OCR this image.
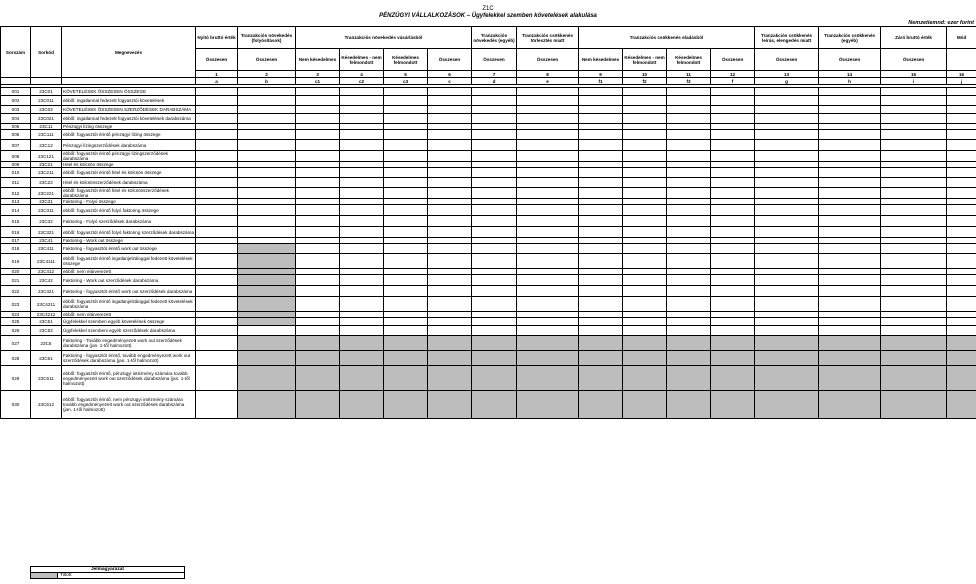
Z1C
PÉNZÜGYI VÁLLALKOZÁSOK – Ügyfelekkel szemben követelések alakulása
Nemzetiemnd: ezer forint
Sorszám	Sorkód	Megnevezés	Nyitó bruttó érték	Tranzakciós növekedés (folyósítások)	Tranzakciós növekedés vásárlásból				Tranzakciós növekedés (egyéb)	Tranzakciós csökkenés törlesztés miatt	Tranzakciós csökkenés eladásból				Tranzakciós csökkenés leírás, elengedés miatt	Tranzakciós csökkenés (egyéb)	Záró bruttó érték	Mód
			Összesen	Összesen	Nem késedelmes	Késedelmes - nem felmondott	Késedelmes felmondott	Összesen	Összesen	Összesen	Nem késedelmes	Késedelmes - nem felmondott	Késedelmes felmondott	Összesen	Összesen	Összesen	Összesen	
			1	2	3	4	5	6	7	8	9	10	11	12	13	14	15	16
			a	b	c1	c2	c3	c	d	e	f1	f2	f3	f	g	h	i	j

001	23C01	KÖVETELÉSEK ÖSSZESEN ÖSSZEGE																
002	23C011	ebből: ingatlannal fedezett fogyasztói követelések																
003	23C02	KÖVETELÉSEK ÖSSZESEN SZERZŐDÉSEK DARABSZÁMA																
004	23C021	ebből: ingatlannal fedezett fogyasztói követelések darabszáma																
005	23C11	Pénzügyi lízing összege																
006	23C111	ebből: fogyasztót érintő pénzügyi lízing összege																
007	23C12	Pénzügyi lízingszerződések darabszáma																
008	23C121	ebből: fogyasztót érintő pénzügyi lízingszerződések darabszáma																
009	23C21	Hitel és kölcsön összege																
010	23C211	ebből: fogyasztót érintő hitel és kölcsön összege																
011	23C22	Hitel és kölcsönszerződések darabszáma																
012	23C221	ebből: fogyasztót érintő hitel és kölcsönszerződések darabszáma																
013	23C31	Faktoring - Folyó összege																
014	23C311	ebből: fogyasztót érintő folyó faktoring összege																
015	23C32	Faktoring - Folyó szerződések darabszáma																
016	23C321	ebből: fogyasztót érintő folyó faktoring szerződések darabszáma																
017	23C41	Faktoring - Work out összege																
018	23C411	Faktoring - fogyasztót érintő work out összege																
019	23C4111	ebből: fogyasztót érintő ingatlanjelzáloggal fedezett követelések összege																
020	23C412	ebből: nem elárverezett																
021	23C42	Faktoring - Work out szerződések darabszáma																
022	23C421	Faktoring - fogyasztót érintő work out szerződések darabszáma																
023	23C4211	ebből: fogyasztót érintő ingatlanjelzáloggal fedezett követelések darabszáma																
024	23C4212	ebből: nem elárverezett																
025	23C51	Ügyfelekkel szemben egyéb követelések összege																
026	23C52	Ügyfelekkel szembeni egyéb szerződések darabszáma																
027	23C6	Faktoring - Tovább engedményezett work out szerződések darabszáma (jan. 1-től halmozott)																
028	23C61	Faktoring - fogyasztót érintő, tovább engedményezett work out szerződések darabszáma (jan. 1-től halmozott)																
029	23C611	ebből: fogyasztót érintő, pénzügyi intézmény számára tovább engedményezett work out szerződések darabszáma (jan. 1-től halmozott)																
030	23C612	ebből: fogyasztót érintő, nem pénzügyi intézmény számára tovább engedményezett work out szerződések darabszáma (jan. 1-től halmozott)																
Jelmagyarázat
	Tiltott
